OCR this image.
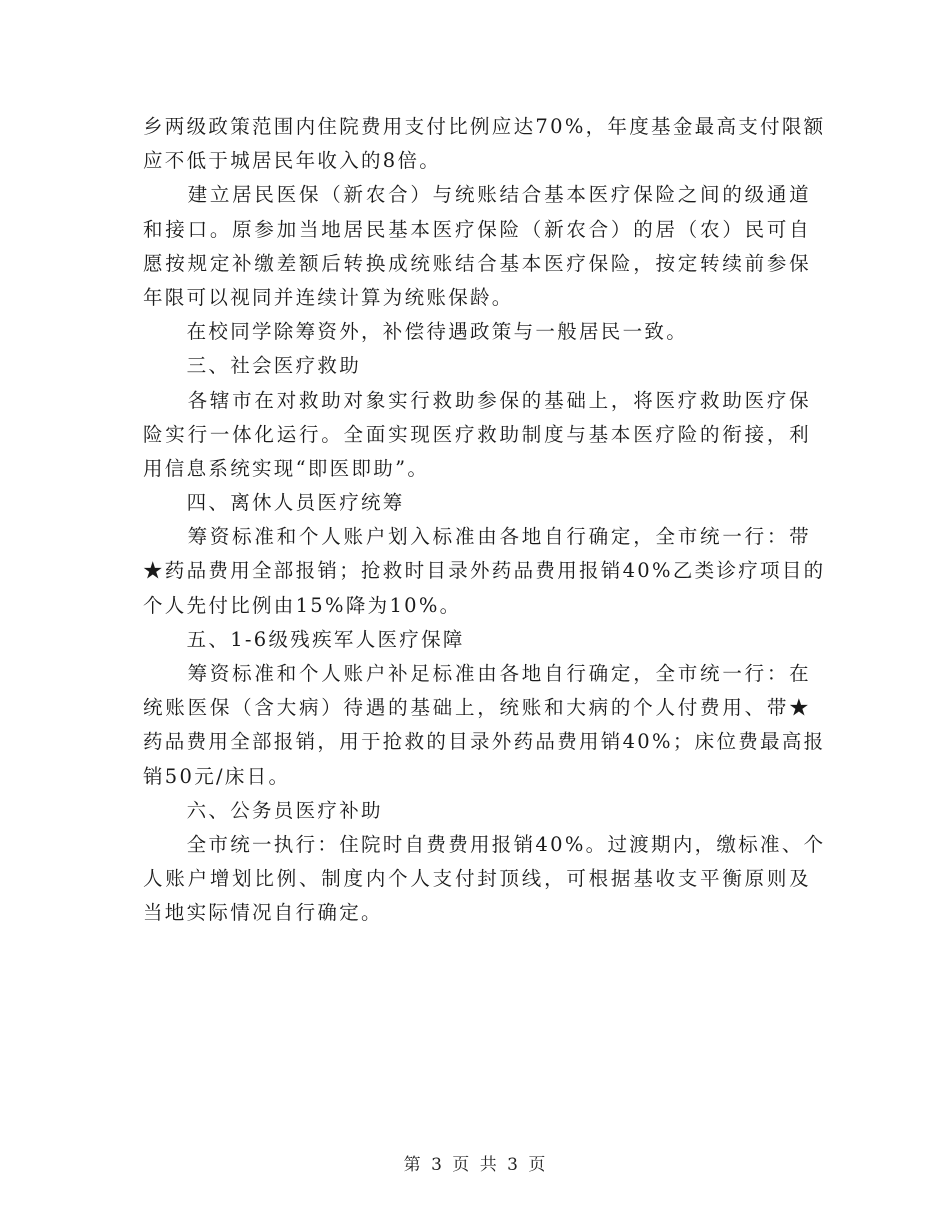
乡两级政策范围内住院费用支付比例应达70%，年度基金最高支付限额
应不低于城居民年收入的8倍。
　　建立居民医保（新农合）与统账结合基本医疗保险之间的级通道
和接口。原参加当地居民基本医疗保险（新农合）的居（农）民可自
愿按规定补缴差额后转换成统账结合基本医疗保险，按定转续前参保
年限可以视同并连续计算为统账保龄。
　　在校同学除筹资外，补偿待遇政策与一般居民一致。
　　三、社会医疗救助
　　各辖市在对救助对象实行救助参保的基础上，将医疗救助医疗保
险实行一体化运行。全面实现医疗救助制度与基本医疗险的衔接，利
用信息系统实现“即医即助”。
　　四、离休人员医疗统筹
　　筹资标准和个人账户划入标准由各地自行确定，全市统一行：带
★药品费用全部报销；抢救时目录外药品费用报销40%乙类诊疗项目的
个人先付比例由15%降为10%。
　　五、1-6级残疾军人医疗保障
　　筹资标准和个人账户补足标准由各地自行确定，全市统一行：在
统账医保（含大病）待遇的基础上，统账和大病的个人付费用、带★
药品费用全部报销，用于抢救的目录外药品费用销40%；床位费最高报
销50元/床日。
　　六、公务员医疗补助
　　全市统一执行：住院时自费费用报销40%。过渡期内，缴标准、个
人账户增划比例、制度内个人支付封顶线，可根据基收支平衡原则及
当地实际情况自行确定。
第 3 页 共 3 页
